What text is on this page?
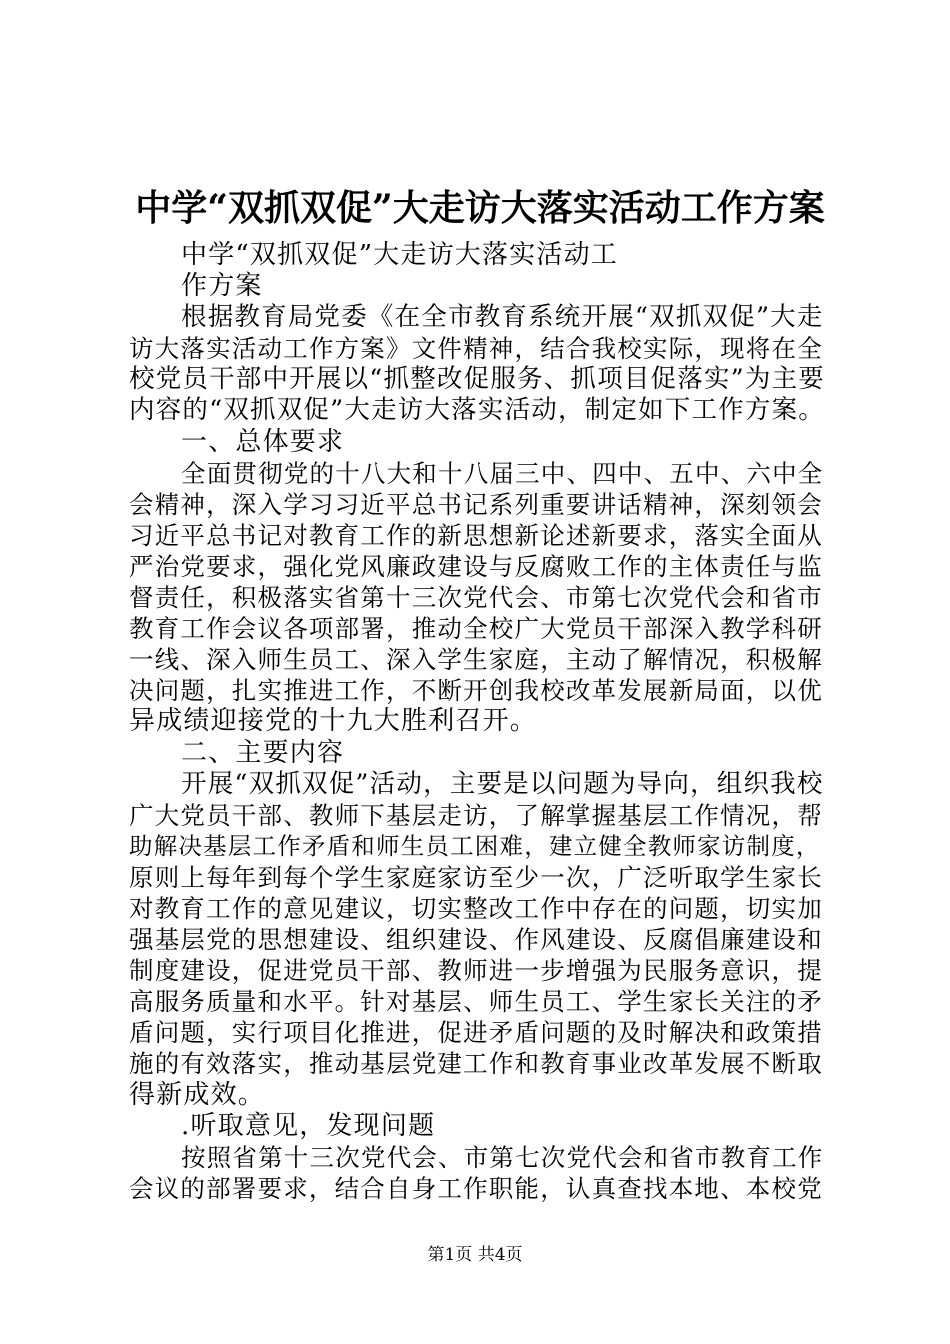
中学“双抓双促”大走访大落实活动工作方案
中学“双抓双促”大走访大落实活动工
作方案
根据教育局党委《在全市教育系统开展“双抓双促”大走
访大落实活动工作方案》文件精神，结合我校实际，现将在全
校党员干部中开展以“抓整改促服务、抓项目促落实”为主要
内容的“双抓双促”大走访大落实活动，制定如下工作方案。
一、总体要求
全面贯彻党的十八大和十八届三中、四中、五中、六中全
会精神，深入学习习近平总书记系列重要讲话精神，深刻领会
习近平总书记对教育工作的新思想新论述新要求，落实全面从
严治党要求，强化党风廉政建设与反腐败工作的主体责任与监
督责任，积极落实省第十三次党代会、市第七次党代会和省市
教育工作会议各项部署，推动全校广大党员干部深入教学科研
一线、深入师生员工、深入学生家庭，主动了解情况，积极解
决问题，扎实推进工作，不断开创我校改革发展新局面，以优
异成绩迎接党的十九大胜利召开。
二、主要内容
开展“双抓双促”活动，主要是以问题为导向，组织我校
广大党员干部、教师下基层走访，了解掌握基层工作情况，帮
助解决基层工作矛盾和师生员工困难，建立健全教师家访制度，
原则上每年到每个学生家庭家访至少一次，广泛听取学生家长
对教育工作的意见建议，切实整改工作中存在的问题，切实加
强基层党的思想建设、组织建设、作风建设、反腐倡廉建设和
制度建设，促进党员干部、教师进一步增强为民服务意识，提
高服务质量和水平。针对基层、师生员工、学生家长关注的矛
盾问题，实行项目化推进，促进矛盾问题的及时解决和政策措
施的有效落实，推动基层党建工作和教育事业改革发展不断取
得新成效。
.听取意见，发现问题
按照省第十三次党代会、市第七次党代会和省市教育工作
会议的部署要求，结合自身工作职能，认真查找本地、本校党
第1页 共4页
